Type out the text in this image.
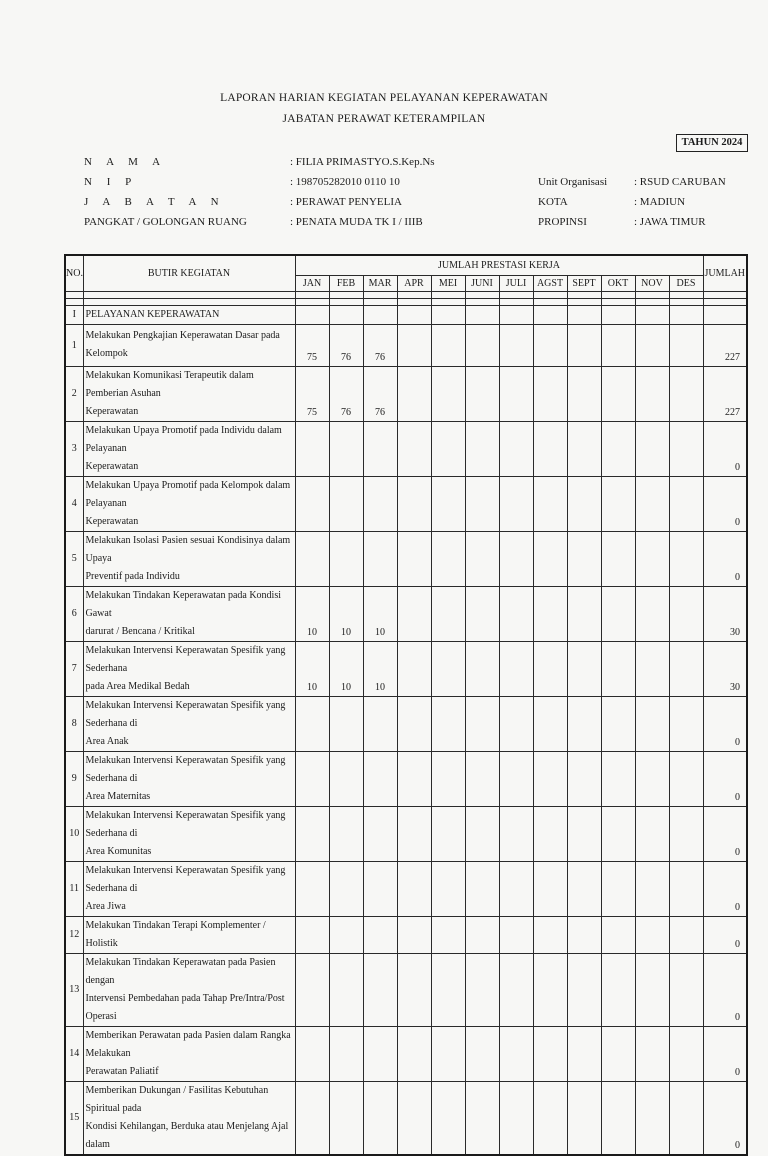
LAPORAN HARIAN KEGIATAN PELAYANAN KEPERAWATAN
JABATAN PERAWAT KETERAMPILAN
TAHUN 2024
N A M A	: FILIA PRIMASTYO.S.Kep.Ns
N I P	: 198705282010 0110 10
J A B A T A N	: PERAWAT PENYELIA
PANGKAT / GOLONGAN RUANG	: PENATA MUDA TK I / IIIB
Unit Organisasi : RSUD CARUBAN
KOTA	: MADIUN
PROPINSI	: JAWA TIMUR
NO.	BUTIR KEGIATAN	JUMLAH PRESTASI KERJA												JUMLAH
		JAN	FEB	MAR	APR	MEI	JUNI	JULI	AGST	SEPT	OKT	NOV	DES	

I	PELAYANAN KEPERAWATAN													
1	Melakukan Pengkajian Keperawatan Dasar pada Kelompok	75	76	76										227
2	Melakukan Komunikasi Terapeutik dalam Pemberian Asuhan
Keperawatan	75	76	76										227
3	Melakukan Upaya Promotif pada Individu dalam Pelayanan
Keperawatan													0
4	Melakukan Upaya Promotif pada Kelompok dalam Pelayanan
Keperawatan													0
5	Melakukan Isolasi Pasien sesuai Kondisinya dalam Upaya
Preventif pada Individu													0
6	Melakukan Tindakan Keperawatan pada Kondisi Gawat
darurat / Bencana / Kritikal	10	10	10										30
7	Melakukan Intervensi Keperawatan Spesifik yang Sederhana
pada Area Medikal Bedah	10	10	10										30
8	Melakukan Intervensi Keperawatan Spesifik yang Sederhana di
Area Anak													0
9	Melakukan Intervensi Keperawatan Spesifik yang Sederhana di
Area Maternitas													0
10	Melakukan Intervensi Keperawatan Spesifik yang Sederhana di
Area Komunitas													0
11	Melakukan Intervensi Keperawatan Spesifik yang Sederhana di
Area Jiwa													0
12	Melakukan Tindakan Terapi Komplementer / Holistik													0
13	Melakukan Tindakan Keperawatan pada Pasien dengan
Intervensi Pembedahan pada Tahap Pre/Intra/Post Operasi													0
14	Memberikan Perawatan pada Pasien dalam Rangka Melakukan
Perawatan Paliatif													0
15	Memberikan Dukungan / Fasilitas Kebutuhan Spiritual pada
Kondisi Kehilangan, Berduka atau Menjelang Ajal dalam													0
